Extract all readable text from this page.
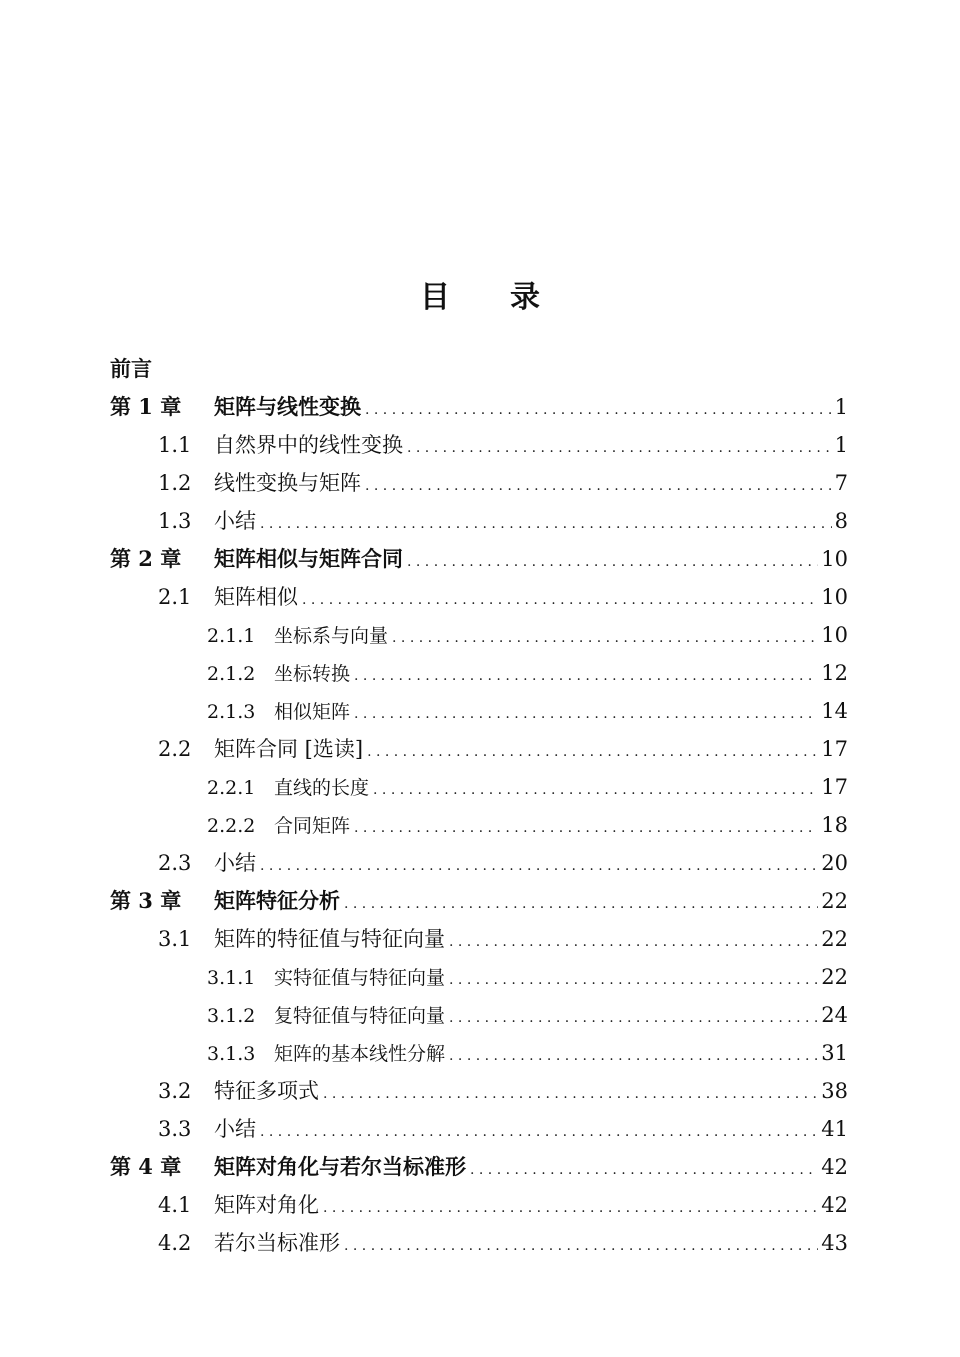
目录
前言
第 1 章	矩阵与线性变换 . . .	1
1.1	自然界中的线性变换 . . .	1
1.2	线性变换与矩阵 . . .	7
1.3	小结 . . .	8
第 2 章	矩阵相似与矩阵合同 . . .	10
2.1	矩阵相似 . . .	10
2.1.1 坐标系与向量 . . .	10
2.1.2 坐标转换 . . .	12
2.1.3 相似矩阵 . . .	14
2.2	矩阵合同 [选读] . . .	17
2.2.1 直线的长度 . . .	17
2.2.2 合同矩阵 . . .	18
2.3	小结 . . .	20
第 3 章	矩阵特征分析 . . .	22
3.1	矩阵的特征值与特征向量 . . .	22
3.1.1 实特征值与特征向量 . . .	22
3.1.2 复特征值与特征向量 . . .	24
3.1.3 矩阵的基本线性分解 . . .	31
3.2	特征多项式 . . .	38
3.3	小结 . . .	41
第 4 章	矩阵对角化与若尔当标准形 . . .	42
4.1	矩阵对角化 . . .	42
4.2	若尔当标准形 . . .	43
